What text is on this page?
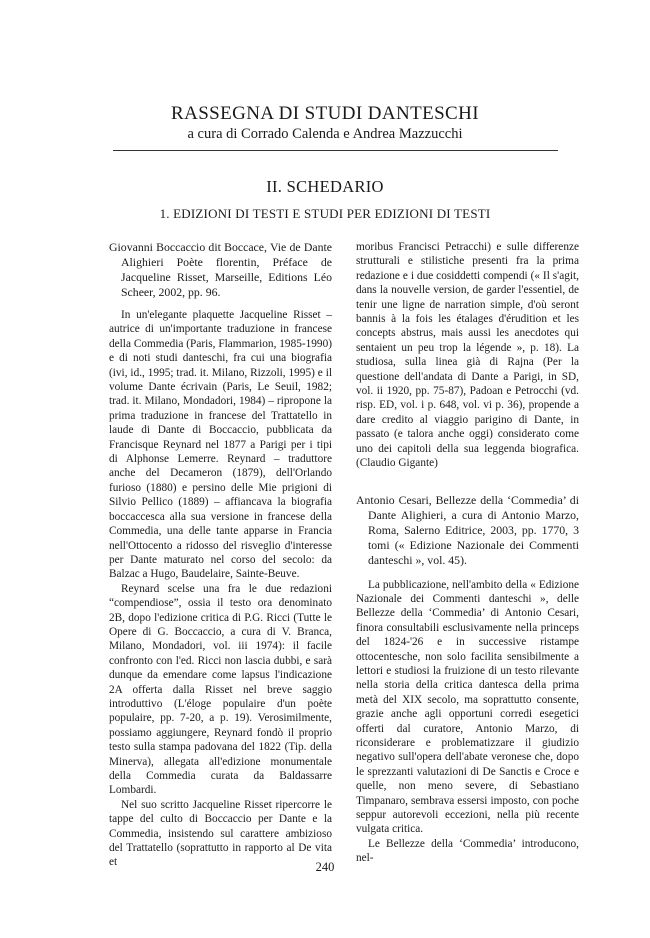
RASSEGNA DI STUDI DANTESCHI
a cura di Corrado Calenda e Andrea Mazzucchi
II. SCHEDARIO
1. EDIZIONI DI TESTI E STUDI PER EDIZIONI DI TESTI

Giovanni Boccaccio dit Boccace, Vie de Dante Alighieri Poète florentin, Préface de Jacqueline Risset, Marseille, Editions Léo Scheer, 2002, pp. 96.

In un'elegante plaquette Jacqueline Risset – autrice di un'importante traduzione in francese della Commedia (Paris, Flammarion, 1985-1990) e di noti studi danteschi, fra cui una biografia (ivi, id., 1995; trad. it. Milano, Rizzoli, 1995) e il volume Dante écrivain (Paris, Le Seuil, 1982; trad. it. Milano, Mondadori, 1984) – ripropone la prima traduzione in francese del Trattatello in laude di Dante di Boccaccio, pubblicata da Francisque Reynard nel 1877 a Parigi per i tipi di Alphonse Lemerre. Reynard – traduttore anche del Decameron (1879), dell'Orlando furioso (1880) e persino delle Mie prigioni di Silvio Pellico (1889) – affiancava la biografia boccaccesca alla sua versione in francese della Commedia, una delle tante apparse in Francia nell'Ottocento a ridosso del risveglio d'interesse per Dante maturato nel corso del secolo: da Balzac a Hugo, Baudelaire, Sainte-Beuve.

Reynard scelse una fra le due redazioni “compendiose”, ossia il testo ora denominato 2B, dopo l'edizione critica di P.G. Ricci (Tutte le Opere di G. Boccaccio, a cura di V. Branca, Milano, Mondadori, vol. iii 1974): il facile confronto con l'ed. Ricci non lascia dubbi, e sarà dunque da emendare come lapsus l'indicazione 2A offerta dalla Risset nel breve saggio introduttivo (L'éloge populaire d'un poète populaire, pp. 7-20, a p. 19). Verosimilmente, possiamo aggiungere, Reynard fondò il proprio testo sulla stampa padovana del 1822 (Tip. della Minerva), allegata all'edizione monumentale della Commedia curata da Baldassarre Lombardi.

Nel suo scritto Jacqueline Risset ripercorre le tappe del culto di Boccaccio per Dante e la Commedia, insistendo sul carattere ambizioso del Trattatello (soprattutto in rapporto al De vita et

moribus Francisci Petracchi) e sulle differenze strutturali e stilistiche presenti fra la prima redazione e i due cosiddetti compendi (« Il s'agit, dans la nouvelle version, de garder l'essentiel, de tenir une ligne de narration simple, d'où seront bannis à la fois les étalages d'érudition et les concepts abstrus, mais aussi les anecdotes qui sentaient un peu trop la légende », p. 18). La studiosa, sulla linea già di Rajna (Per la questione dell'andata di Dante a Parigi, in SD, vol. ii 1920, pp. 75-87), Padoan e Petrocchi (vd. risp. ED, vol. i p. 648, vol. vi p. 36), propende a dare credito al viaggio parigino di Dante, in passato (e talora anche oggi) considerato come uno dei capitoli della sua leggenda biografica. (Claudio Gigante)

Antonio Cesari, Bellezze della ‘Commedia’ di Dante Alighieri, a cura di Antonio Marzo, Roma, Salerno Editrice, 2003, pp. 1770, 3 tomi (« Edizione Nazionale dei Commenti danteschi », vol. 45).

La pubblicazione, nell'ambito della « Edizione Nazionale dei Commenti danteschi », delle Bellezze della ‘Commedia’ di Antonio Cesari, finora consultabili esclusivamente nella princeps del 1824-'26 e in successive ristampe ottocentesche, non solo facilita sensibilmente a lettori e studiosi la fruizione di un testo rilevante nella storia della critica dantesca della prima metà del XIX secolo, ma soprattutto consente, grazie anche agli opportuni corredi esegetici offerti dal curatore, Antonio Marzo, di riconsiderare e problematizzare il giudizio negativo sull'opera dell'abate veronese che, dopo le sprezzanti valutazioni di De Sanctis e Croce e quelle, non meno severe, di Sebastiano Timpanaro, sembrava essersi imposto, con poche seppur autorevoli eccezioni, nella più recente vulgata critica.

Le Bellezze della ‘Commedia’ introducono, nel-

240
